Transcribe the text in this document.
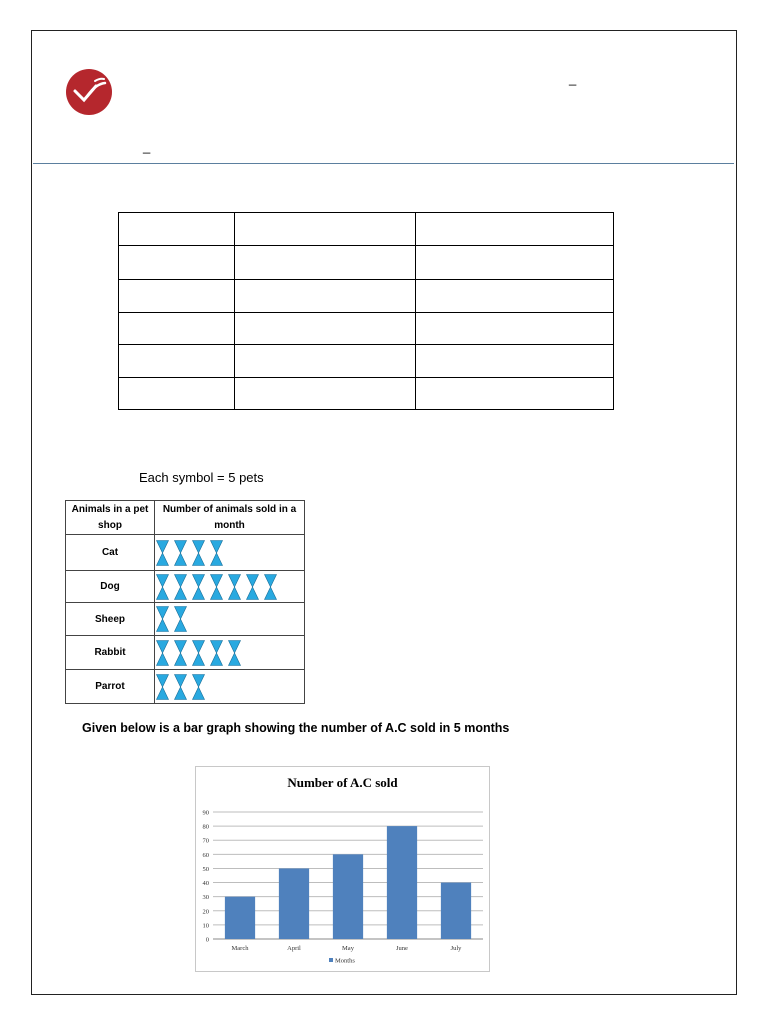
_
_

Each symbol = 5 pets
Animals in a pet shop	Number of animals sold in a month
Cat	

Dog	

Sheep	

Rabbit	

Parrot	
Given below is a bar graph showing the number of A.C sold in 5 months
Number of A.C sold
0
10
20
30
40
50
60
70
80
90
March	April	May	June	July
Months
